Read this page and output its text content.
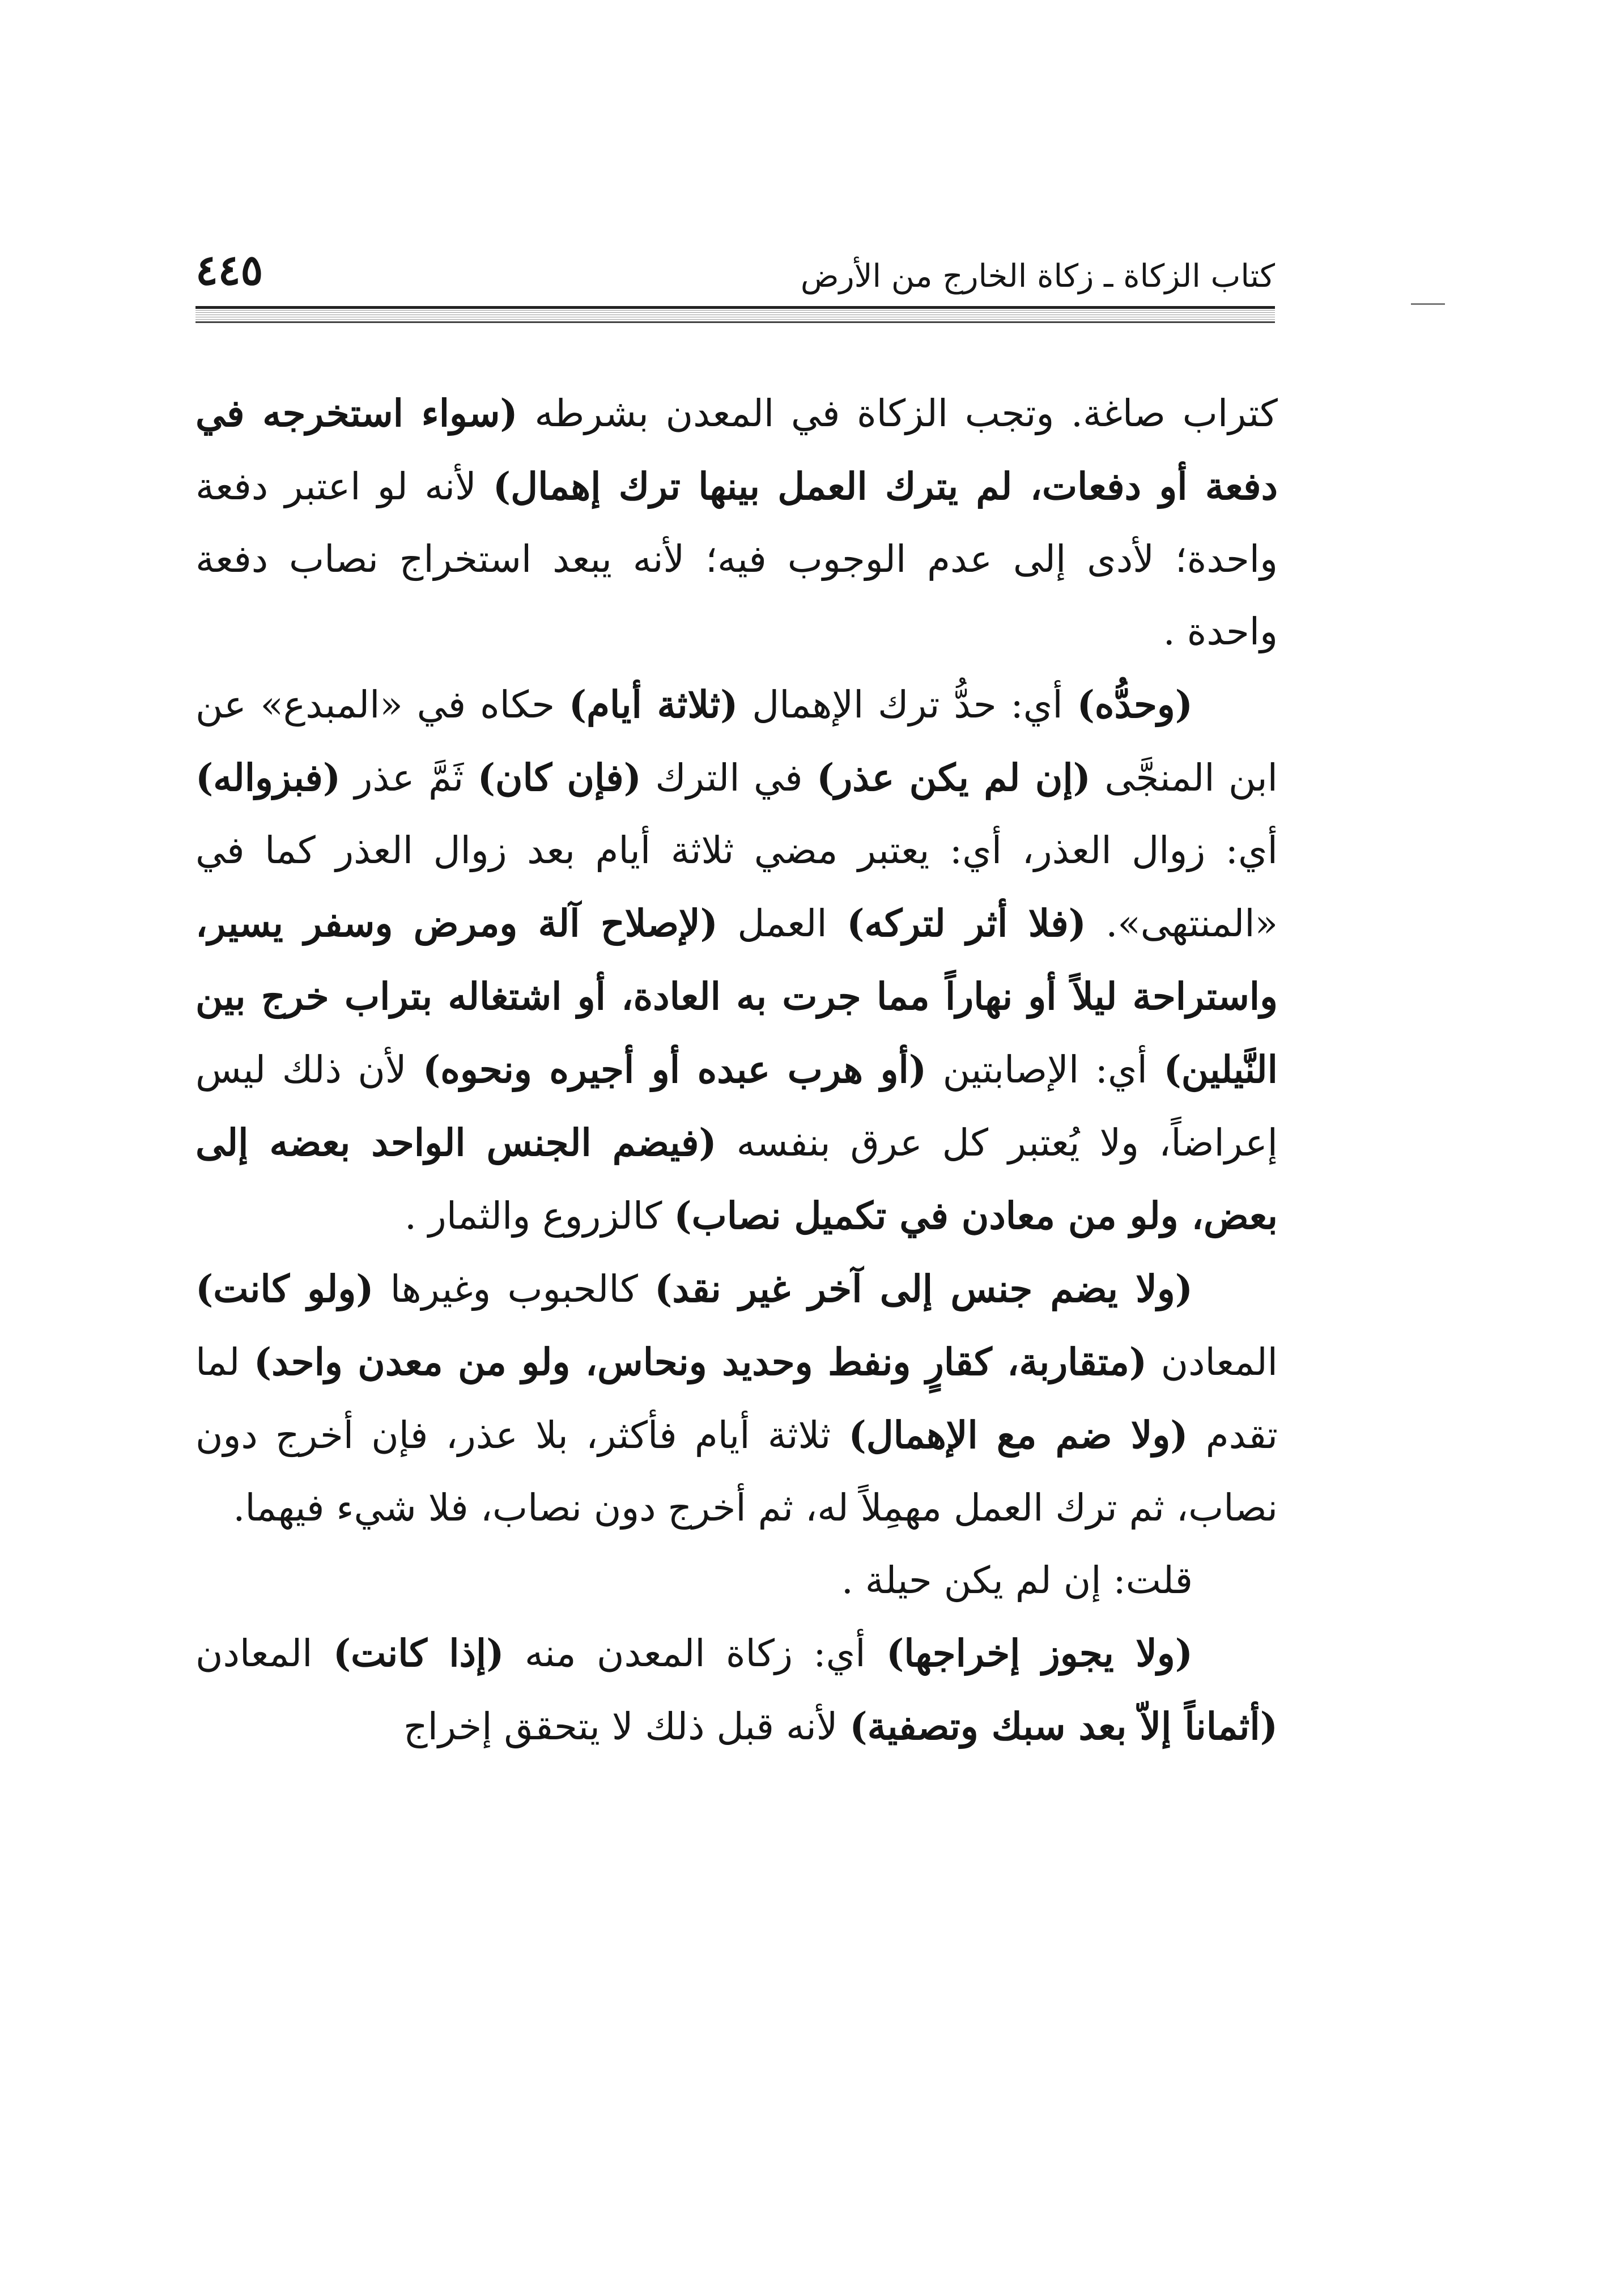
كتاب الزكاة ـ زكاة الخارج من الأرض
٤٤٥

كتراب صاغة. وتجب الزكاة في المعدن بشرطه (سواء استخرجه في دفعة أو دفعات، لم يترك العمل بينها ترك إهمال) لأنه لو اعتبر دفعة واحدة؛ لأدى إلى عدم الوجوب فيه؛ لأنه يبعد استخراج نصاب دفعة واحدة .

(وحدُّه) أي: حدُّ ترك الإهمال (ثلاثة أيام) حكاه في «المبدع» عن ابن المنجَّى (إن لم يكن عذر) في الترك (فإن كان) ثَمَّ عذر (فبزواله) أي: زوال العذر، أي: يعتبر مضي ثلاثة أيام بعد زوال العذر كما في «المنتهى». (فلا أثر لتركه) العمل (لإصلاح آلة ومرض وسفر يسير، واستراحة ليلاً أو نهاراً مما جرت به العادة، أو اشتغاله بتراب خرج بين النَّيلين) أي: الإصابتين (أو هرب عبده أو أجيره ونحوه) لأن ذلك ليس إعراضاً، ولا يُعتبر كل عرق بنفسه (فيضم الجنس الواحد بعضه إلى بعض، ولو من معادن في تكميل نصاب) كالزروع والثمار .

(ولا يضم جنس إلى آخر غير نقد) كالحبوب وغيرها (ولو كانت) المعادن (متقاربة، كقارٍ ونفط وحديد ونحاس، ولو من معدن واحد) لما تقدم (ولا ضم مع الإهمال) ثلاثة أيام فأكثر، بلا عذر، فإن أخرج دون نصاب، ثم ترك العمل مهمِلاً له، ثم أخرج دون نصاب، فلا شيء فيهما.

قلت: إن لم يكن حيلة .

(ولا يجوز إخراجها) أي: زكاة المعدن منه (إذا كانت) المعادن (أثماناً إلاّ بعد سبك وتصفية) لأنه قبل ذلك لا يتحقق إخراج
